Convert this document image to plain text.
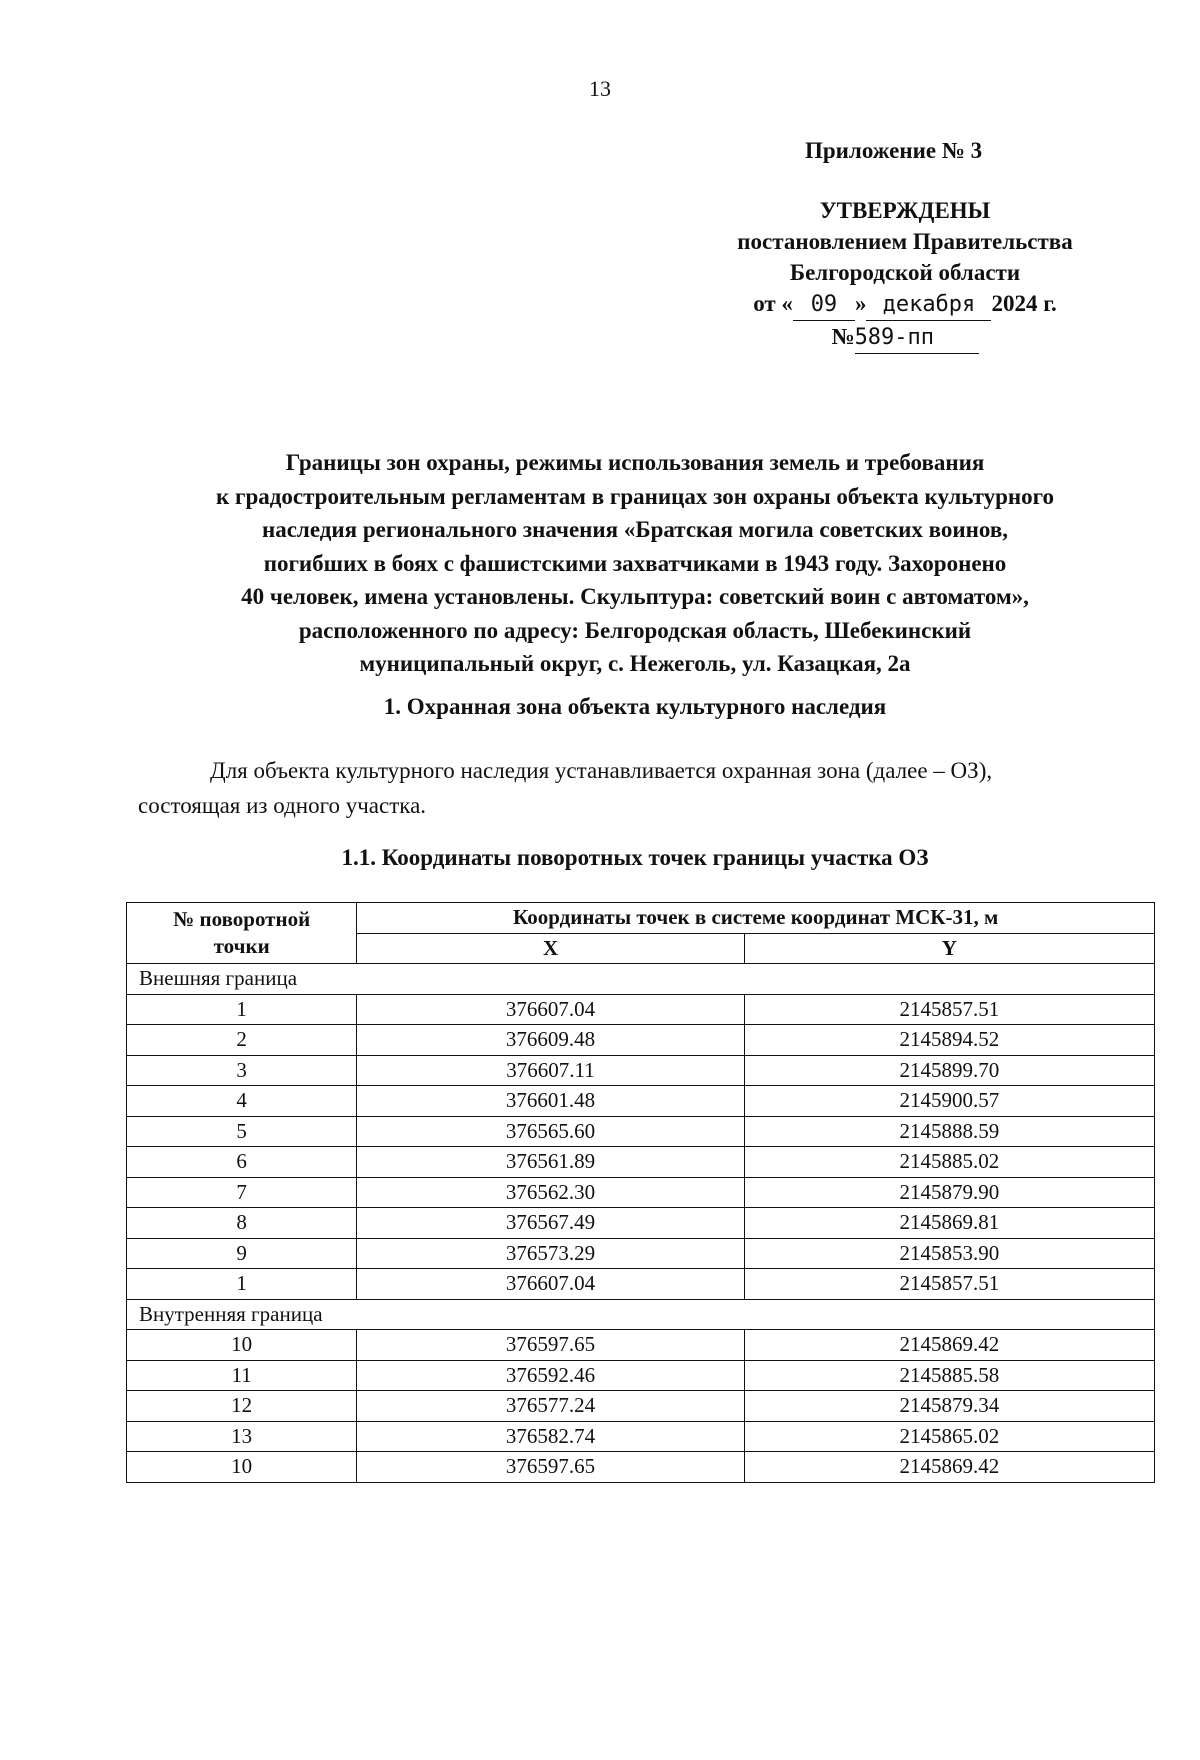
13
Приложение № 3
УТВЕРЖДЕНЫ
постановлением Правительства
Белгородской области
от « 09 » декабря 2024 г.
№589-пп
Границы зон охраны, режимы использования земель и требования
к градостроительным регламентам в границах зон охраны объекта культурного
наследия регионального значения «Братская могила советских воинов,
погибших в боях с фашистскими захватчиками в 1943 году. Захоронено
40 человек, имена установлены. Скульптура: советский воин с автоматом»,
расположенного по адресу: Белгородская область, Шебекинский
муниципальный округ, с. Нежеголь, ул. Казацкая, 2а
1. Охранная зона объекта культурного наследия
Для объекта культурного наследия устанавливается охранная зона (далее – ОЗ),
состоящая из одного участка.
1.1. Координаты поворотных точек границы участка ОЗ
№ поворотной
точки	Координаты точек в системе координат МСК-31, м	
	X	Y
Внешняя граница		
1	376607.04	2145857.51
2	376609.48	2145894.52
3	376607.11	2145899.70
4	376601.48	2145900.57
5	376565.60	2145888.59
6	376561.89	2145885.02
7	376562.30	2145879.90
8	376567.49	2145869.81
9	376573.29	2145853.90
1	376607.04	2145857.51
Внутренняя граница		
10	376597.65	2145869.42
11	376592.46	2145885.58
12	376577.24	2145879.34
13	376582.74	2145865.02
10	376597.65	2145869.42
